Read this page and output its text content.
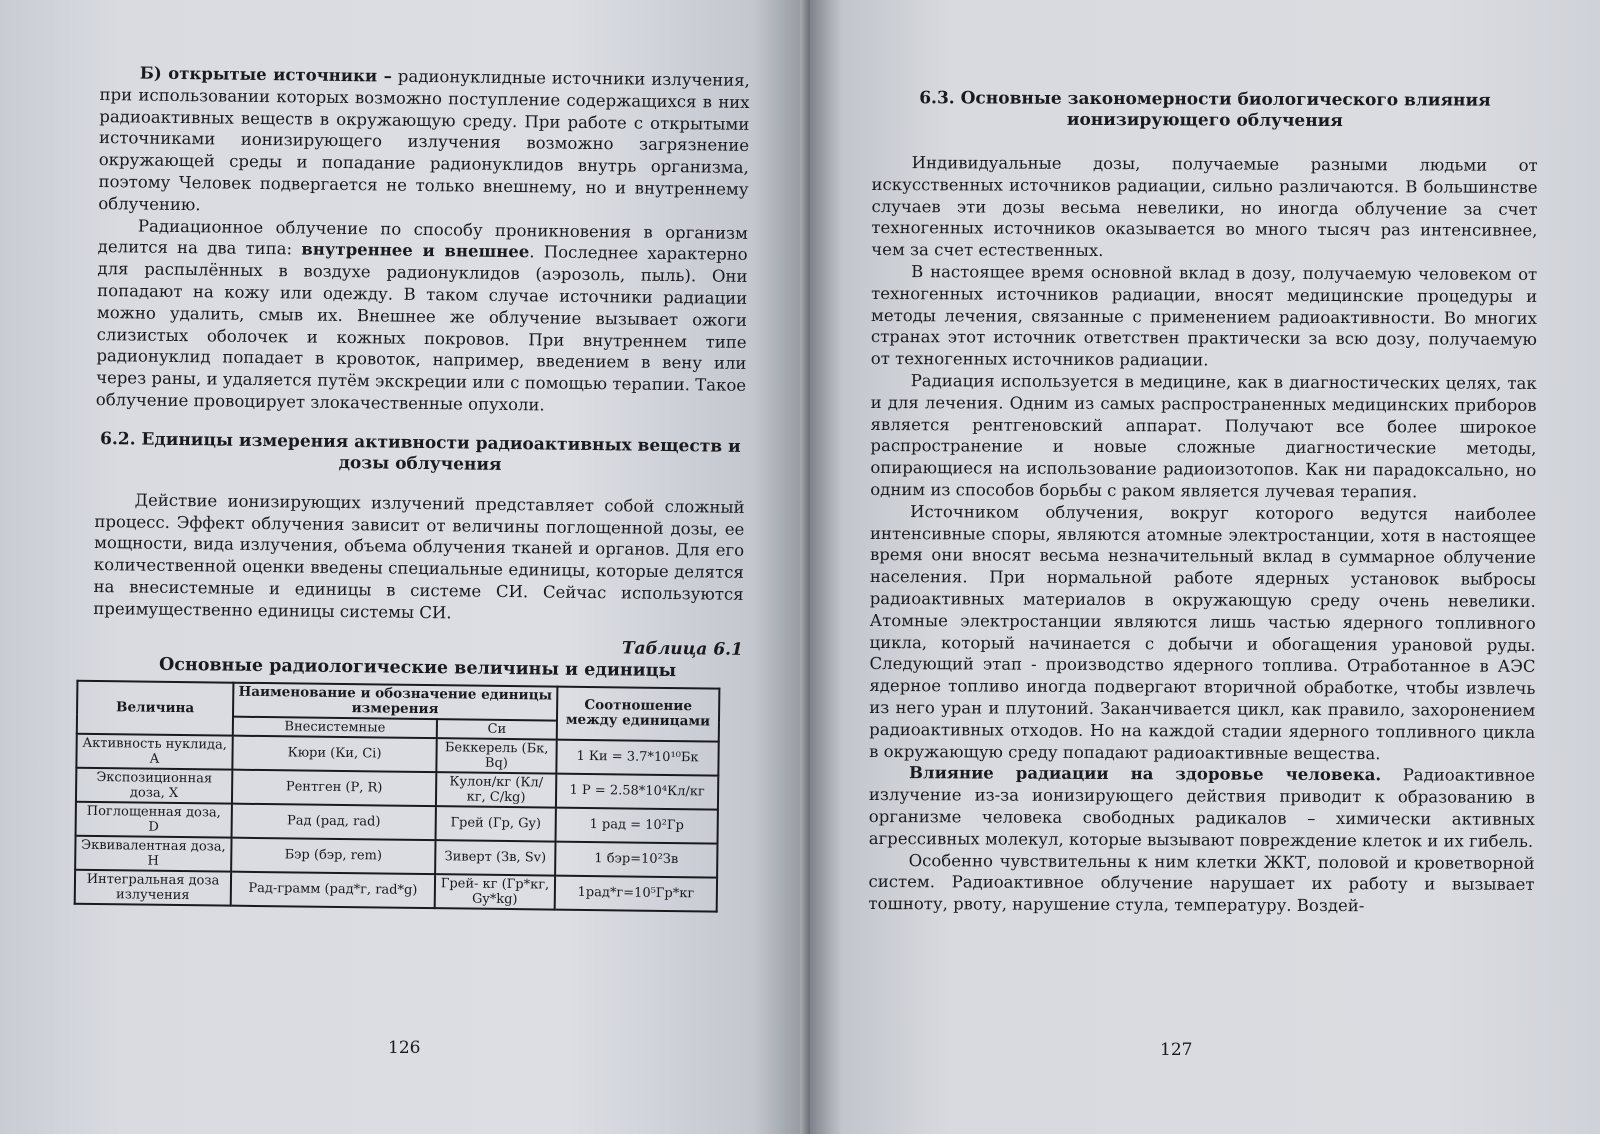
Б) открытые источники – радионуклидные источники излучения, при использовании которых возможно поступление содержащихся в них радиоактивных веществ в окружающую среду. При работе с открытыми источниками ионизирующего излучения возможно загрязнение окружающей среды и попадание радионуклидов внутрь организма, поэтому Человек подвергается не только внешнему, но и внутреннему облучению.

Радиационное облучение по способу проникновения в организм делится на два типа: внутреннее и внешнее. Последнее характерно для распылённых в воздухе радионуклидов (аэрозоль, пыль). Они попадают на кожу или одежду. В таком случае источники радиации можно удалить, смыв их. Внешнее же облучение вызывает ожоги слизистых оболочек и кожных покровов. При внутреннем типе радионуклид попадает в кровоток, например, введением в вену или через раны, и удаляется путём экскреции или с помощью терапии. Такое облучение провоцирует злокачественные опухоли.

6.2. Единицы измерения активности радиоактивных веществ и дозы облучения

Действие ионизирующих излучений представляет собой сложный процесс. Эффект облучения зависит от величины поглощенной дозы, ее мощности, вида излучения, объема облучения тканей и органов. Для его количественной оценки введены специальные единицы, которые делятся на внесистемные и единицы в системе СИ. Сейчас используются преимущественно единицы системы СИ.

Таблица 6.1
Основные радиологические величины и единицы
Величина	Наименование и обозначение единицы измерения		Соотношение между единицами
	Внесистемные	Си	
Активность нуклида, А	Кюри (Ки, Ci)	Беккерель (Бк, Bq)	1 Ки = 3.7*10¹⁰Бк
Экспозиционная доза, X	Рентген (Р, R)	Кулон/кг (Кл/кг, C/kg)	1 Р = 2.58*10⁴Кл/кг
Поглощенная доза, D	Рад (рад, rad)	Грей (Гр, Gy)	1 рад = 10²Гр
Эквивалентная доза, Н	Бэр (бэр, rem)	Зиверт (Зв, Sv)	1 бэр=10²Зв
Интегральная доза излучения	Рад-грамм (рад*г, rad*g)	Грей- кг (Гр*кг, Gy*kg)	1рад*г=10⁵Гр*кг
126
6.3. Основные закономерности биологического влияния ионизирующего облучения

Индивидуальные дозы, получаемые разными людьми от искусственных источников радиации, сильно различаются. В большинстве случаев эти дозы весьма невелики, но иногда облучение за счет техногенных источников оказывается во много тысяч раз интенсивнее, чем за счет естественных.

В настоящее время основной вклад в дозу, получаемую человеком от техногенных источников радиации, вносят медицинские процедуры и методы лечения, связанные с применением радиоактивности. Во многих странах этот источник ответствен практически за всю дозу, получаемую от техногенных источников радиации.

Радиация используется в медицине, как в диагностических целях, так и для лечения. Одним из самых распространенных медицинских приборов является рентгеновский аппарат. Получают все более широкое распространение и новые сложные диагностические методы, опирающиеся на использование радиоизотопов. Как ни парадоксально, но одним из способов борьбы с раком является лучевая терапия.

Источником облучения, вокруг которого ведутся наиболее интенсивные споры, являются атомные электростанции, хотя в настоящее время они вносят весьма незначительный вклад в суммарное облучение населения. При нормальной работе ядерных установок выбросы радиоактивных материалов в окружающую среду очень невелики. Атомные электростанции являются лишь частью ядерного топливного цикла, который начинается с добычи и обогащения урановой руды. Следующий этап - производство ядерного топлива. Отработанное в АЭС ядерное топливо иногда подвергают вторичной обработке, чтобы извлечь из него уран и плутоний. Заканчивается цикл, как правило, захоронением радиоактивных отходов. Но на каждой стадии ядерного топливного цикла в окружающую среду попадают радиоактивные вещества.

Влияние радиации на здоровье человека. Радиоактивное излучение из-за ионизирующего действия приводит к образованию в организме человека свободных радикалов – химически активных агрессивных молекул, которые вызывают повреждение клеток и их гибель.

Особенно чувствительны к ним клетки ЖКТ, половой и кроветворной систем. Радиоактивное облучение нарушает их работу и вызывает тошноту, рвоту, нарушение стула, температуру. Воздей-

127
